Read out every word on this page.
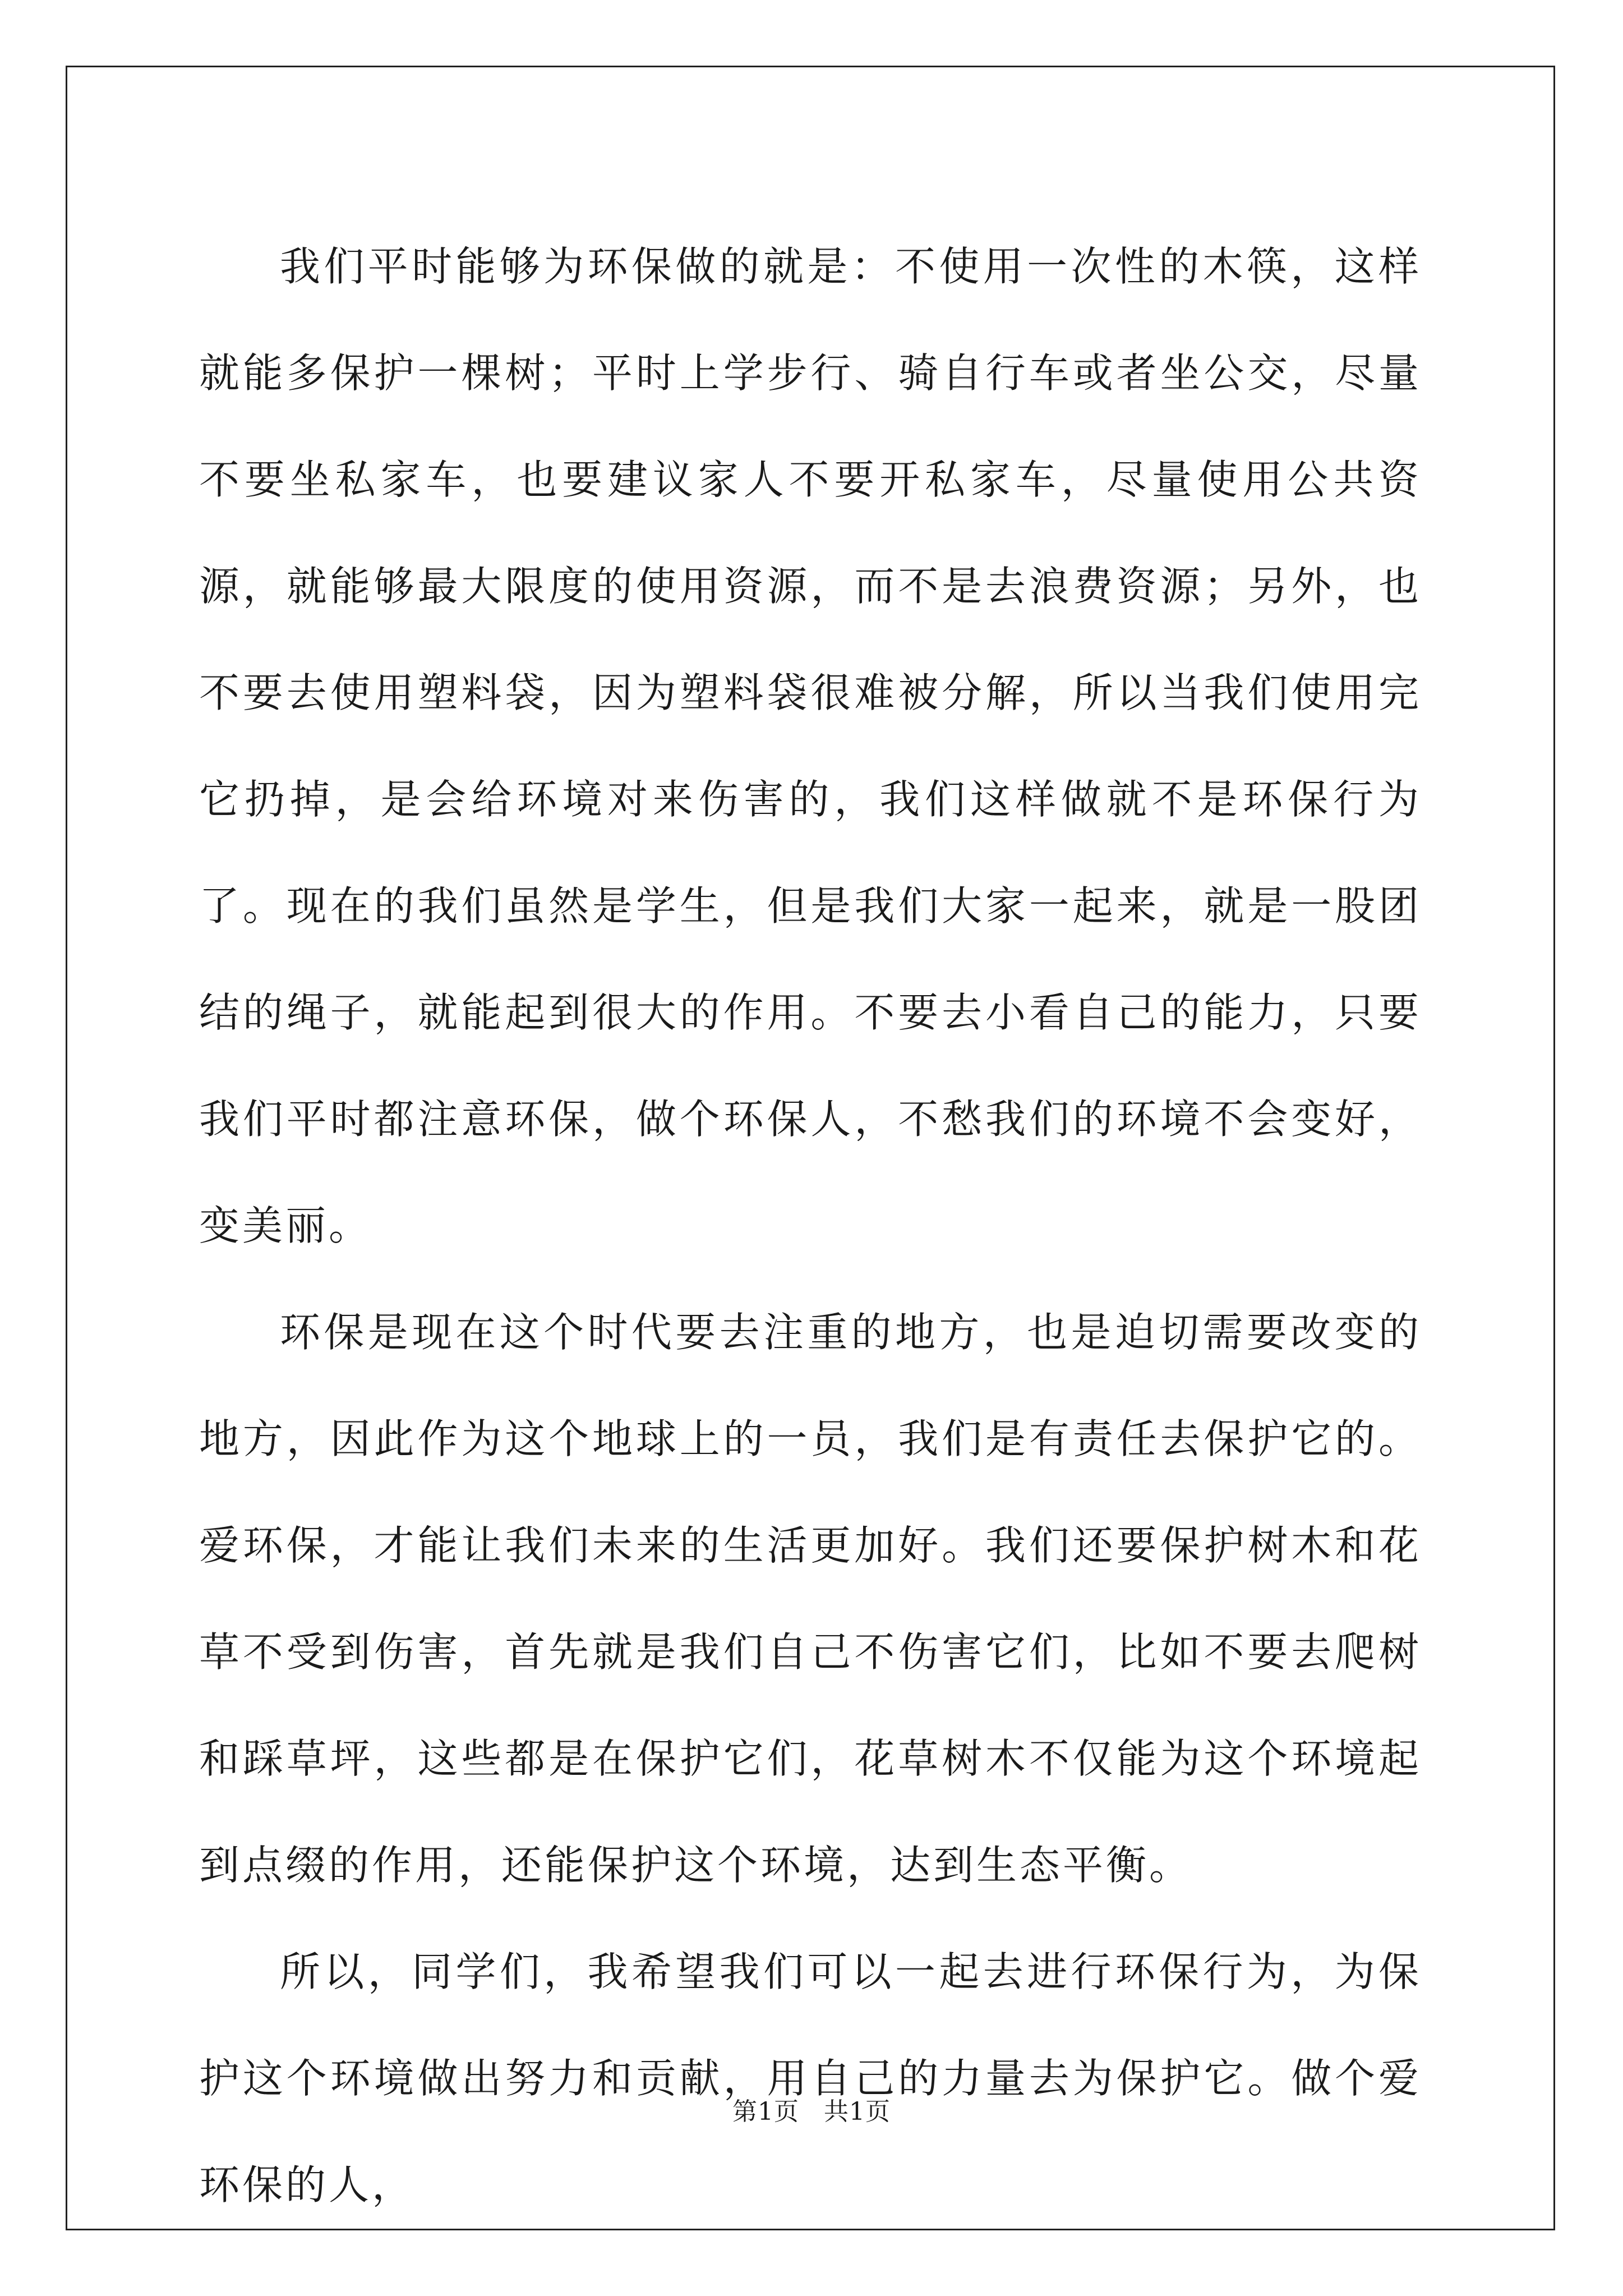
我们平时能够为环保做的就是：不使用一次性的木筷，这样就能多保护一棵树；平时上学步行、骑自行车或者坐公交，尽量不要坐私家车，也要建议家人不要开私家车，尽量使用公共资源，就能够最大限度的使用资源，而不是去浪费资源；另外，也不要去使用塑料袋，因为塑料袋很难被分解，所以当我们使用完它扔掉，是会给环境对来伤害的，我们这样做就不是环保行为了。现在的我们虽然是学生，但是我们大家一起来，就是一股团结的绳子，就能起到很大的作用。不要去小看自己的能力，只要我们平时都注意环保，做个环保人，不愁我们的环境不会变好，变美丽。

环保是现在这个时代要去注重的地方，也是迫切需要改变的地方，因此作为这个地球上的一员，我们是有责任去保护它的。爱环保，才能让我们未来的生活更加好。我们还要保护树木和花草不受到伤害，首先就是我们自己不伤害它们，比如不要去爬树和踩草坪，这些都是在保护它们，花草树木不仅能为这个环境起到点缀的作用，还能保护这个环境，达到生态平衡。

所以，同学们，我希望我们可以一起去进行环保行为，为保护这个环境做出努力和贡献，用自己的力量去为保护它。做个爱环保的人，

第1页 共1页
